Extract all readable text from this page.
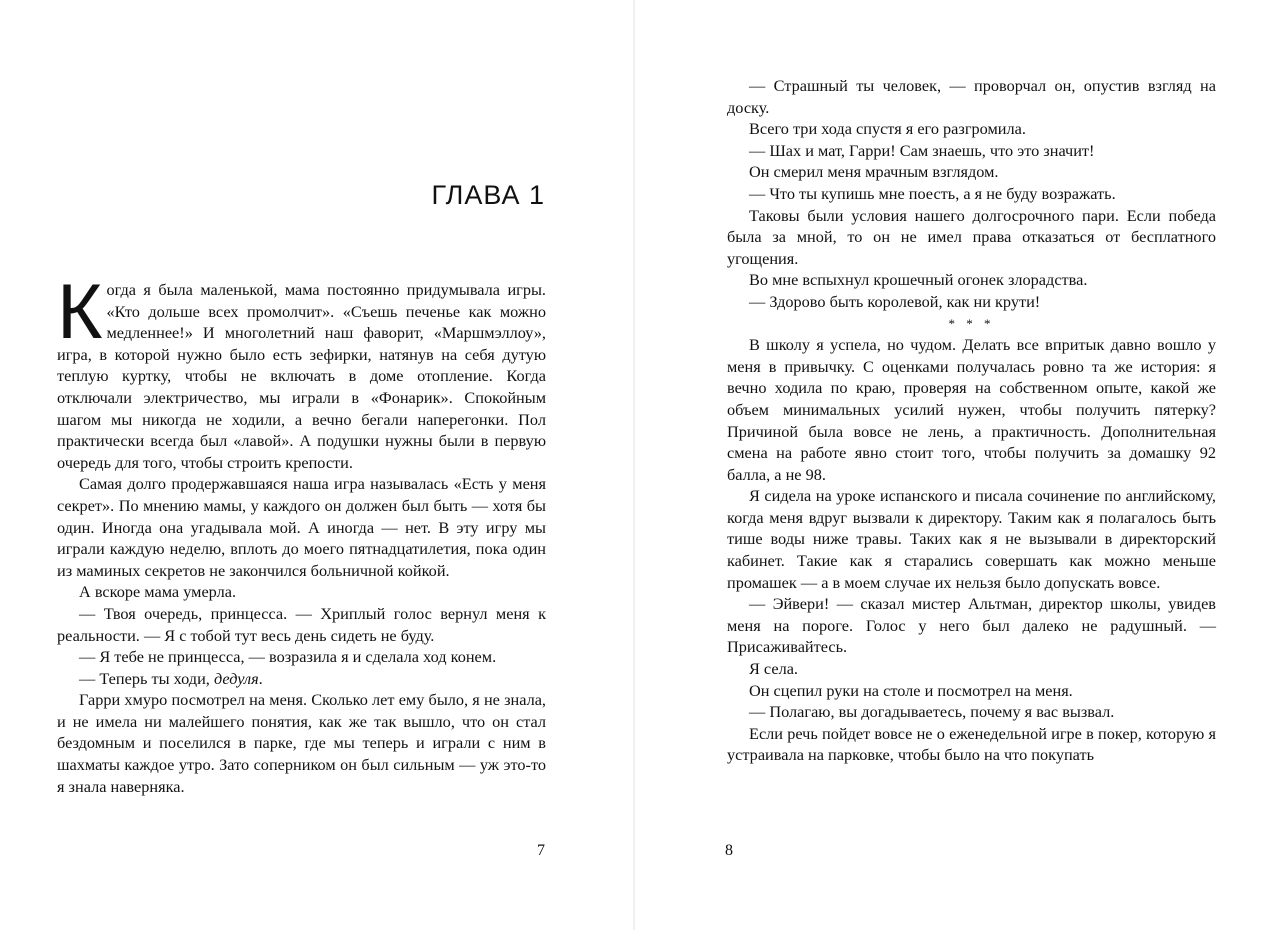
ГЛАВА 1

Когда я была маленькой, мама постоянно придумывала игры. «Кто дольше всех промолчит». «Съешь печенье как можно медленнее!» И многолетний наш фаворит, «Маршмэллоу», игра, в которой нужно было есть зефирки, натянув на себя дутую теплую куртку, чтобы не включать в доме отопление. Когда отключали электричество, мы играли в «Фонарик». Спокойным шагом мы никогда не ходили, а вечно бегали наперегонки. Пол практически всегда был «лавой». А подушки нужны были в первую очередь для того, чтобы строить крепости.

Самая долго продержавшаяся наша игра называлась «Есть у меня секрет». По мнению мамы, у каждого он должен был быть — хотя бы один. Иногда она угадывала мой. А иногда — нет. В эту игру мы играли каждую неделю, вплоть до моего пятнадцатилетия, пока один из маминых секретов не закончился больничной койкой.

А вскоре мама умерла.

— Твоя очередь, принцесса. — Хриплый голос вернул меня к реальности. — Я с тобой тут весь день сидеть не буду.

— Я тебе не принцесса, — возразила я и сделала ход конем.

— Теперь ты ходи, дедуля.

Гарри хмуро посмотрел на меня. Сколько лет ему было, я не знала, и не имела ни малейшего понятия, как же так вышло, что он стал бездомным и поселился в парке, где мы теперь и играли с ним в шахматы каждое утро. Зато соперником он был сильным — уж это-то я знала наверняка.

7

— Страшный ты человек, — проворчал он, опустив взгляд на доску.

Всего три хода спустя я его разгромила.

— Шах и мат, Гарри! Сам знаешь, что это значит!

Он смерил меня мрачным взглядом.

— Что ты купишь мне поесть, а я не буду возражать.

Таковы были условия нашего долгосрочного пари. Если победа была за мной, то он не имел права отказаться от бесплатного угощения.

Во мне вспыхнул крошечный огонек злорадства.

— Здорово быть королевой, как ни крути!

* * *

В школу я успела, но чудом. Делать все впритык давно вошло у меня в привычку. С оценками получалась ровно та же история: я вечно ходила по краю, проверяя на собственном опыте, какой же объем минимальных усилий нужен, чтобы получить пятерку? Причиной была вовсе не лень, а практичность. Дополнительная смена на работе явно стоит того, чтобы получить за домашку 92 балла, а не 98.

Я сидела на уроке испанского и писала сочинение по английскому, когда меня вдруг вызвали к директору. Таким как я полагалось быть тише воды ниже травы. Таких как я не вызывали в директорский кабинет. Такие как я старались совершать как можно меньше промашек — а в моем случае их нельзя было допускать вовсе.

— Эйвери! — сказал мистер Альтман, директор школы, увидев меня на пороге. Голос у него был далеко не радушный. — Присаживайтесь.

Я села.

Он сцепил руки на столе и посмотрел на меня.

— Полагаю, вы догадываетесь, почему я вас вызвал.

Если речь пойдет вовсе не о еженедельной игре в покер, которую я устраивала на парковке, чтобы было на что покупать

8
